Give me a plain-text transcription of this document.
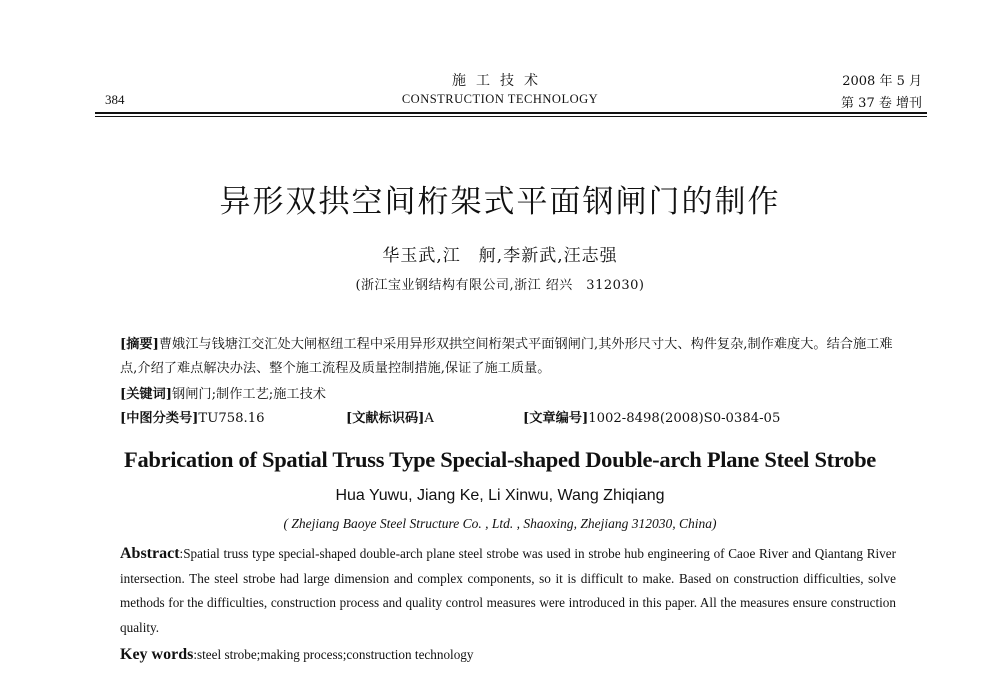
施工技术
CONSTRUCTION TECHNOLOGY
384
2008 年 5 月
第 37 卷 增刊
异形双拱空间桁架式平面钢闸门的制作
华玉武,江　舸,李新武,汪志强
(浙江宝业钢结构有限公司,浙江 绍兴　312030)
[摘要]曹娥江与钱塘江交汇处大闸枢纽工程中采用异形双拱空间桁架式平面钢闸门,其外形尺寸大、构件复杂,制作难度大。结合施工难点,介绍了难点解决办法、整个施工流程及质量控制措施,保证了施工质量。
[关键词]钢闸门;制作工艺;施工技术
[中图分类号]TU758.16	[文献标识码]A	[文章编号]1002-8498(2008)S0-0384-05
Fabrication of Spatial Truss Type Special-shaped Double-arch Plane Steel Strobe
Hua Yuwu, Jiang Ke, Li Xinwu, Wang Zhiqiang
( Zhejiang Baoye Steel Structure Co. , Ltd. , Shaoxing, Zhejiang 312030, China)
Abstract:Spatial truss type special-shaped double-arch plane steel strobe was used in strobe hub engineering of Caoe River and Qiantang River intersection. The steel strobe had large dimension and complex components, so it is difficult to make. Based on construction difficulties, solve methods for the difficulties, construction process and quality control measures were introduced in this paper. All the measures ensure construction quality.
Key words:steel strobe;making process;construction technology
